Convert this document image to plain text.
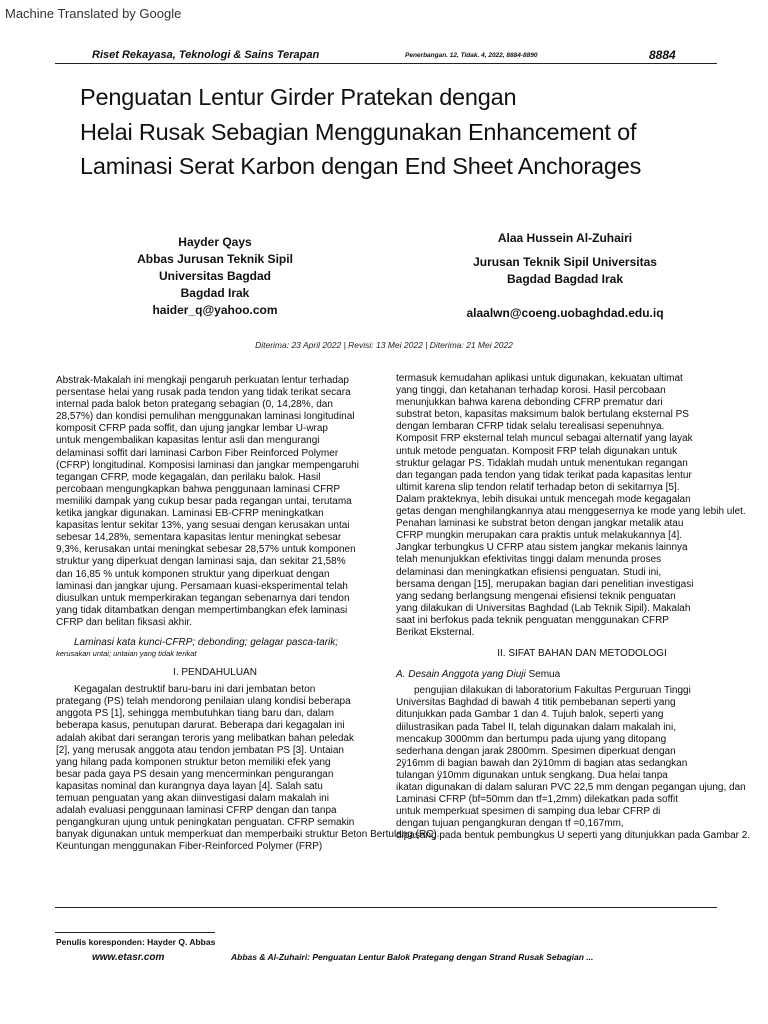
Machine Translated by Google
Riset Rekayasa, Teknologi & Sains Terapan	Penerbangan. 12, Tidak. 4, 2022, 8884-8890	8884
Penguatan Lentur Girder Pratekan dengan
Helai Rusak Sebagian Menggunakan Enhancement of
Laminasi Serat Karbon dengan End Sheet Anchorages
Hayder Qays
Abbas Jurusan Teknik Sipil
Universitas Bagdad
Bagdad Irak
haider_q@yahoo.com
Alaa Hussein Al-Zuhairi
Jurusan Teknik Sipil Universitas
Bagdad Bagdad Irak
alaalwn@coeng.uobaghdad.edu.iq
Diterima: 23 April 2022 | Revisi: 13 Mei 2022 | Diterima: 21 Mei 2022
Abstrak-Makalah ini mengkaji pengaruh perkuatan lentur terhadap
persentase helai yang rusak pada tendon yang tidak terikat secara
internal pada balok beton prategang sebagian (0, 14,28%, dan
28,57%) dan kondisi pemulihan menggunakan laminasi longitudinal
komposit CFRP pada soffit, dan ujung jangkar lembar U-wrap
untuk mengembalikan kapasitas lentur asli dan mengurangi
delaminasi soffit dari laminasi Carbon Fiber Reinforced Polymer
(CFRP) longitudinal. Komposisi laminasi dan jangkar mempengaruhi
tegangan CFRP, mode kegagalan, dan perilaku balok. Hasil
percobaan mengungkapkan bahwa penggunaan laminasi CFRP
memiliki dampak yang cukup besar pada regangan untai, terutama
ketika jangkar digunakan. Laminasi EB-CFRP meningkatkan
kapasitas lentur sekitar 13%, yang sesuai dengan kerusakan untai
sebesar 14,28%, sementara kapasitas lentur meningkat sebesar
9,3%, kerusakan untai meningkat sebesar 28,57% untuk komponen
struktur yang diperkuat dengan laminasi saja, dan sekitar 21,58%
dan 16,85 % untuk komponen struktur yang diperkuat dengan
laminasi dan jangkar ujung. Persamaan kuasi-eksperimental telah
diusulkan untuk memperkirakan tegangan sebenarnya dari tendon
yang tidak ditambatkan dengan mempertimbangkan efek laminasi
CFRP dan belitan fiksasi akhir.

Laminasi kata kunci-CFRP; debonding; gelagar pasca-tarik;

kerusakan untai; untaian yang tidak terikat

I. PENDAHULUAN

Kegagalan destruktif baru-baru ini dari jembatan beton
prategang (PS) telah mendorong penilaian ulang kondisi beberapa
anggota PS [1], sehingga membutuhkan tiang baru dan, dalam
beberapa kasus, penutupan darurat. Beberapa dari kegagalan ini
adalah akibat dari serangan teroris yang melibatkan bahan peledak
[2], yang merusak anggota atau tendon jembatan PS [3]. Untaian
yang hilang pada komponen struktur beton memiliki efek yang
besar pada gaya PS desain yang mencerminkan pengurangan
kapasitas nominal dan kurangnya daya layan [4]. Salah satu
temuan penguatan yang akan diinvestigasi dalam makalah ini
adalah evaluasi penggunaan laminasi CFRP dengan dan tanpa
pengangkuran ujung untuk peningkatan penguatan. CFRP semakin
banyak digunakan untuk memperkuat dan memperbaiki struktur Beton Bertulang (RC).
Keuntungan menggunakan Fiber-Reinforced Polymer (FRP)
termasuk kemudahan aplikasi untuk digunakan, kekuatan ultimat
yang tinggi, dan ketahanan terhadap korosi. Hasil percobaan
menunjukkan bahwa karena debonding CFRP prematur dari
substrat beton, kapasitas maksimum balok bertulang eksternal PS
dengan lembaran CFRP tidak selalu terealisasi sepenuhnya.
Komposit FRP eksternal telah muncul sebagai alternatif yang layak
untuk metode penguatan. Komposit FRP telah digunakan untuk
struktur gelagar PS. Tidaklah mudah untuk menentukan regangan
dan tegangan pada tendon yang tidak terikat pada kapasitas lentur
ultimit karena slip tendon relatif terhadap beton di sekitarnya [5].
Dalam prakteknya, lebih disukai untuk mencegah mode kegagalan
getas dengan menghilangkannya atau menggesernya ke mode yang lebih ulet.
Penahan laminasi ke substrat beton dengan jangkar metalik atau
CFRP mungkin merupakan cara praktis untuk melakukannya [4].
Jangkar terbungkus U CFRP atau sistem jangkar mekanis lainnya
telah menunjukkan efektivitas tinggi dalam menunda proses
delaminasi dan meningkatkan efisiensi penguatan. Studi ini,
bersama dengan [15], merupakan bagian dari penelitian investigasi
yang sedang berlangsung mengenai efisiensi teknik penguatan
yang dilakukan di Universitas Baghdad (Lab Teknik Sipil). Makalah
saat ini berfokus pada teknik penguatan menggunakan CFRP
Berikat Eksternal.

II. SIFAT BAHAN DAN METODOLOGI

A. Desain Anggota yang Diuji Semua

pengujian dilakukan di laboratorium Fakultas Perguruan Tinggi
Universitas Baghdad di bawah 4 titik pembebanan seperti yang
ditunjukkan pada Gambar 1 dan 4. Tujuh balok, seperti yang
diilustrasikan pada Tabel II, telah digunakan dalam makalah ini,
mencakup 3000mm dan bertumpu pada ujung yang ditopang
sederhana dengan jarak 2800mm. Spesimen diperkuat dengan
2ÿ16mm di bagian bawah dan 2ÿ10mm di bagian atas sedangkan
tulangan ÿ10mm digunakan untuk sengkang. Dua helai tanpa
ikatan digunakan di dalam saluran PVC 22,5 mm dengan pegangan ujung, dan
Laminasi CFRP (bf=50mm dan tf=1,2mm) dilekatkan pada soffit
untuk memperkuat spesimen di samping dua lebar CFRP di
dengan tujuan pengangkuran dengan tf =0,167mm,
dipasang pada bentuk pembungkus U seperti yang ditunjukkan pada Gambar 2.
Penulis koresponden: Hayder Q. Abbas
www.etasr.com	Abbas & Al-Zuhairi: Penguatan Lentur Balok Prategang dengan Strand Rusak Sebagian ...
